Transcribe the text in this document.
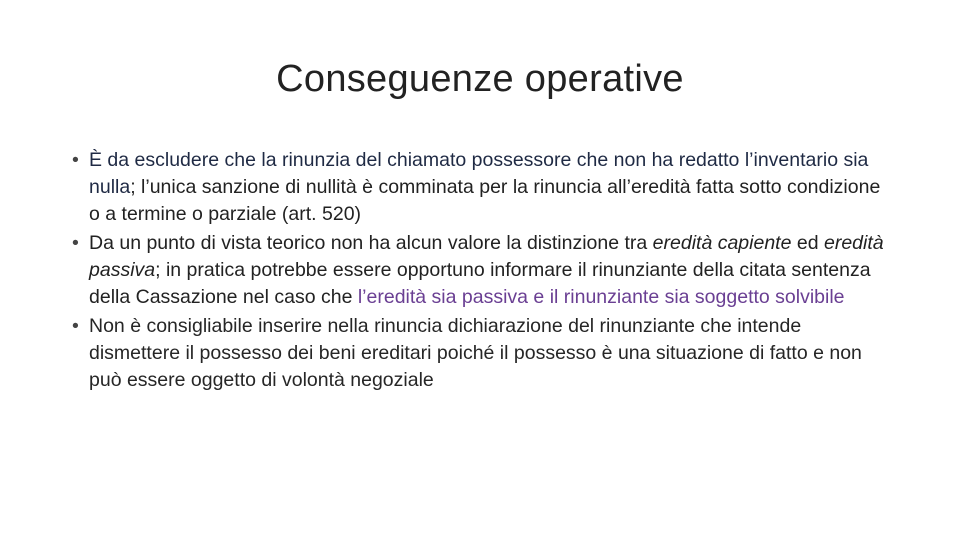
Conseguenze operative
• È da escludere che la rinunzia del chiamato possessore che non ha redatto l’inventario sia nulla; l’unica sanzione di nullità è comminata per la rinuncia all’eredità fatta sotto condizione o a termine o parziale (art. 520)
• Da un punto di vista teorico non ha alcun valore la distinzione tra eredità capiente ed eredità passiva; in pratica potrebbe essere opportuno informare il rinunziante della citata sentenza della Cassazione nel caso che l’eredità sia passiva e il rinunziante sia soggetto solvibile
• Non è consigliabile inserire nella rinuncia dichiarazione del rinunziante che intende dismettere il possesso dei beni ereditari poiché il possesso è una situazione di fatto e non può essere oggetto di volontà negoziale
